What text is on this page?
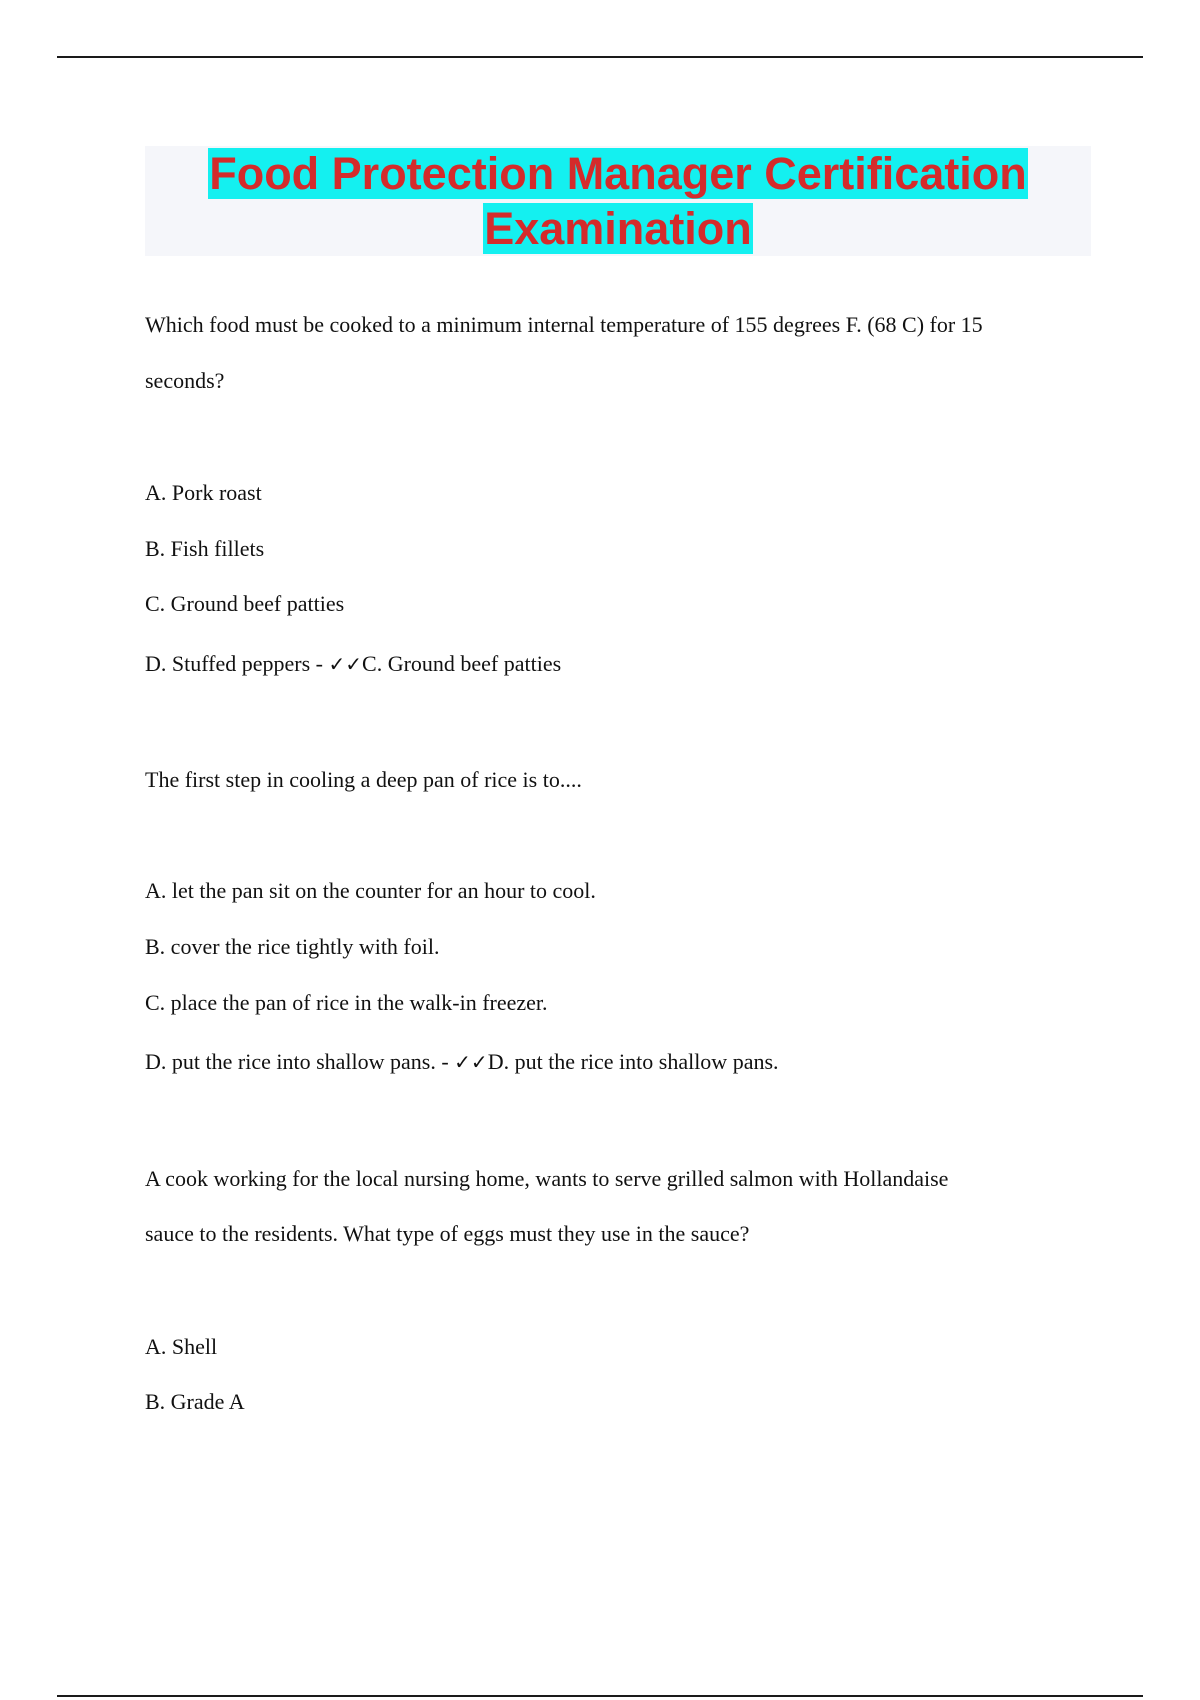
Food Protection Manager Certification
Examination
Which food must be cooked to a minimum internal temperature of 155 degrees F. (68 C) for 15
seconds?
A. Pork roast
B. Fish fillets
C. Ground beef patties
D. Stuffed peppers - ✓✓C. Ground beef patties
The first step in cooling a deep pan of rice is to....
A. let the pan sit on the counter for an hour to cool.
B. cover the rice tightly with foil.
C. place the pan of rice in the walk-in freezer.
D. put the rice into shallow pans. - ✓✓D. put the rice into shallow pans.
A cook working for the local nursing home, wants to serve grilled salmon with Hollandaise
sauce to the residents. What type of eggs must they use in the sauce?
A. Shell
B. Grade A
